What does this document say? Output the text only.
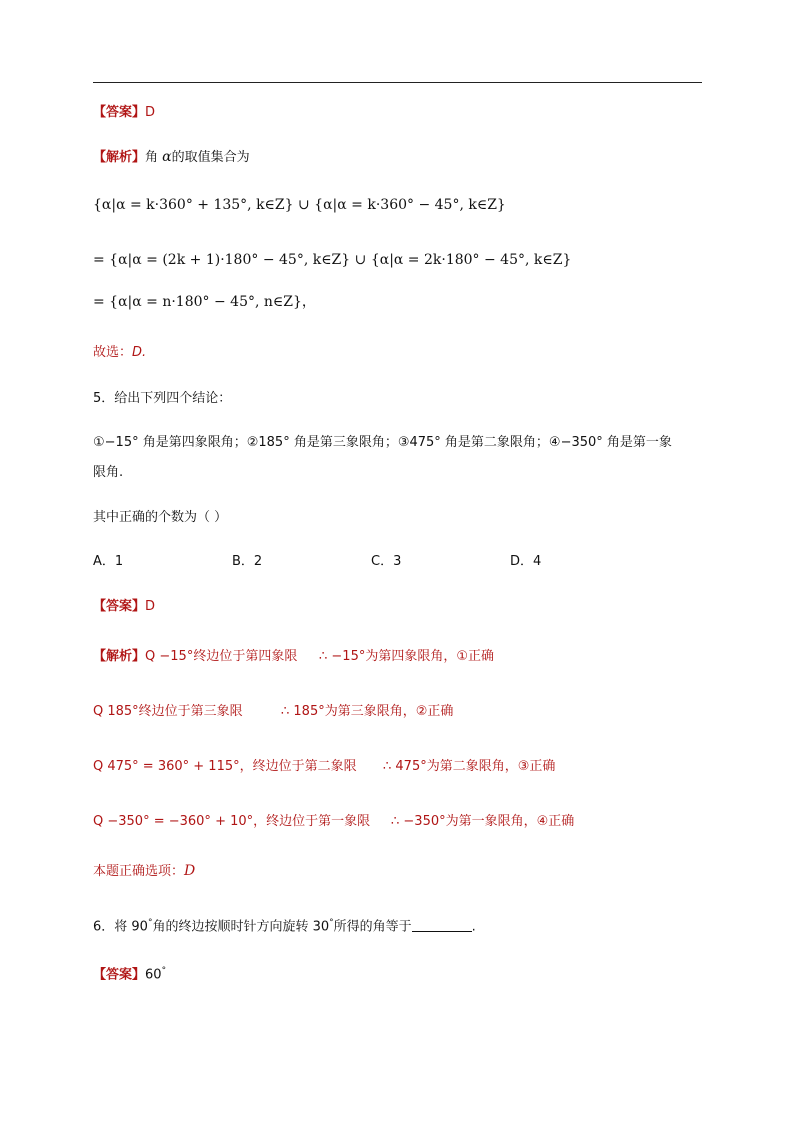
【答案】D
【解析】角 α的取值集合为
{α|α = k·360° + 135°, k∈Z} ∪ {α|α = k·360° − 45°, k∈Z}
= {α|α = (2k + 1)·180° − 45°, k∈Z} ∪ {α|α = 2k·180° − 45°, k∈Z}
= {α|α = n·180° − 45°, n∈Z}，
故选：D.
5．给出下列四个结论：
①−15° 角是第四象限角；②185° 角是第三象限角；③475° 角是第二象限角；④−350° 角是第一象
限角.
其中正确的个数为（ ）
A．1	B．2	C．3	D．4
【答案】D
【解析】Q −15°终边位于第四象限 ∴ −15°为第四象限角，①正确
Q 185°终边位于第三象限	∴ 185°为第三象限角，②正确
Q 475° = 360° + 115°，终边位于第二象限 ∴ 475°为第二象限角，③正确
Q −350° = −360° + 10°，终边位于第一象限 ∴ −350°为第一象限角，④正确
本题正确选项：D
6．将 90°角的终边按顺时针方向旋转 30°所得的角等于	.
【答案】60°
